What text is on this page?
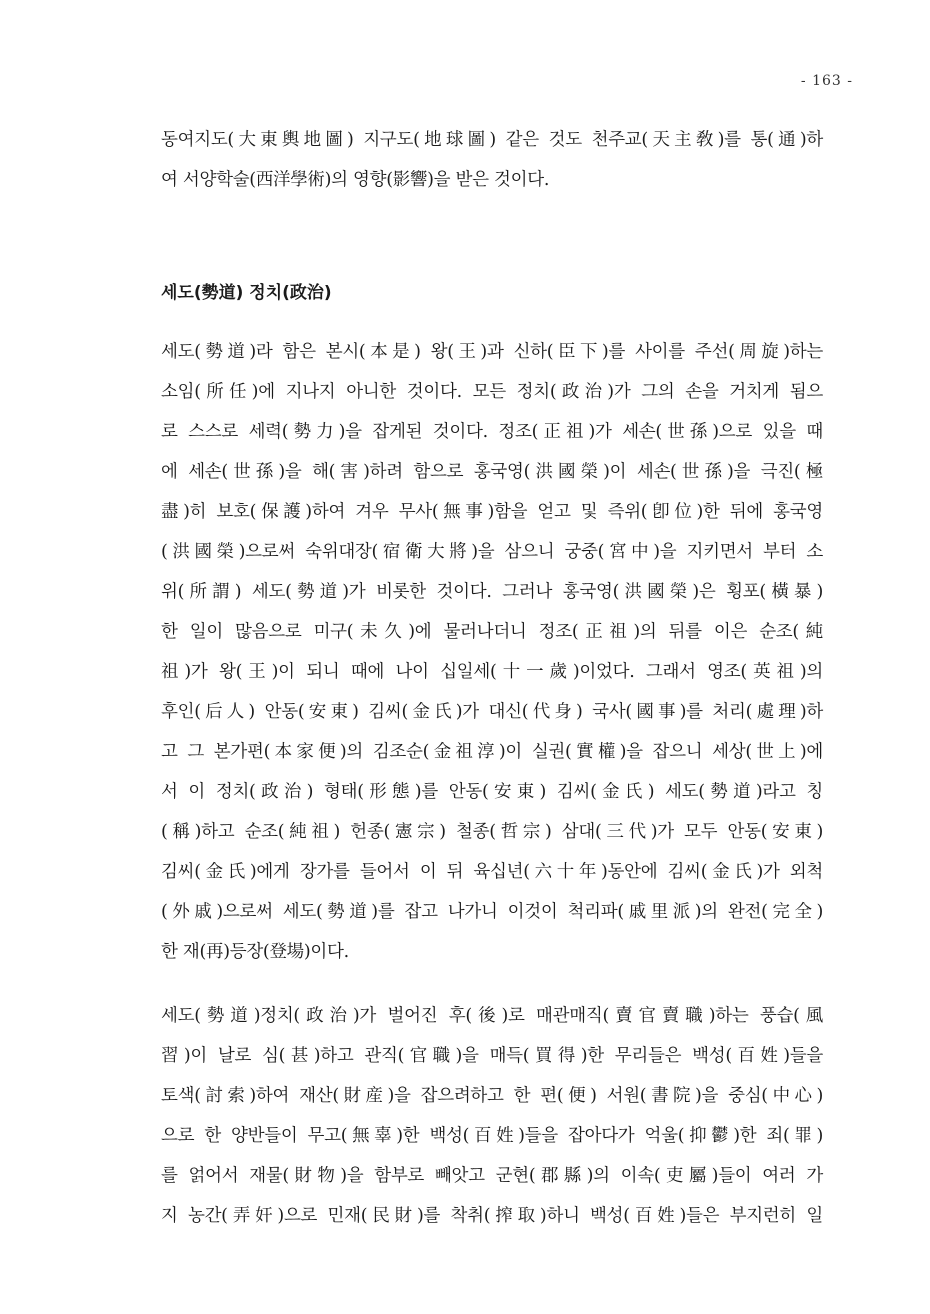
- 163 -

동여지도(大東輿地圖) 지구도(地球圖) 같은 것도 천주교(天主敎)를 통(通)하

여 서양학술(西洋學術)의 영향(影響)을 받은 것이다.

세도(勢道) 정치(政治)

세도(勢道)라 함은 본시(本是) 왕(王)과 신하(臣下)를 사이를 주선(周旋)하는

소임(所任)에 지나지 아니한 것이다. 모든 정치(政治)가 그의 손을 거치게 됨으

로 스스로 세력(勢力)을 잡게된 것이다. 정조(正祖)가 세손(世孫)으로 있을 때

에 세손(世孫)을 해(害)하려 함으로 홍국영(洪國榮)이 세손(世孫)을 극진(極

盡)히 보호(保護)하여 겨우 무사(無事)함을 얻고 및 즉위(卽位)한 뒤에 홍국영

(洪國榮)으로써 숙위대장(宿衛大將)을 삼으니 궁중(宮中)을 지키면서 부터 소

위(所謂) 세도(勢道)가 비롯한 것이다. 그러나 홍국영(洪國榮)은 횡포(橫暴)

한 일이 많음으로 미구(未久)에 물러나더니 정조(正祖)의 뒤를 이은 순조(純

祖)가 왕(王)이 되니 때에 나이 십일세(十一歲)이었다. 그래서 영조(英祖)의

후인(后人) 안동(安東) 김씨(金氏)가 대신(代身) 국사(國事)를 처리(處理)하

고 그 본가편(本家便)의 김조순(金祖淳)이 실권(實權)을 잡으니 세상(世上)에

서 이 정치(政治) 형태(形態)를 안동(安東) 김씨(金氏) 세도(勢道)라고 칭

(稱)하고 순조(純祖) 헌종(憲宗) 철종(哲宗) 삼대(三代)가 모두 안동(安東)

김씨(金氏)에게 장가를 들어서 이 뒤 육십년(六十年)동안에 김씨(金氏)가 외척

(外戚)으로써 세도(勢道)를 잡고 나가니 이것이 척리파(戚里派)의 완전(完全)

한 재(再)등장(登場)이다.

세도(勢道)정치(政治)가 벌어진 후(後)로 매관매직(賣官賣職)하는 풍습(風

習)이 날로 심(甚)하고 관직(官職)을 매득(買得)한 무리들은 백성(百姓)들을

토색(討索)하여 재산(財産)을 잡으려하고 한 편(便) 서원(書院)을 중심(中心)

으로 한 양반들이 무고(無辜)한 백성(百姓)들을 잡아다가 억울(抑鬱)한 죄(罪)

를 얽어서 재물(財物)을 함부로 빼앗고 군현(郡縣)의 이속(吏屬)들이 여러 가

지 농간(弄奸)으로 민재(民財)를 착취(搾取)하니 백성(百姓)들은 부지런히 일
